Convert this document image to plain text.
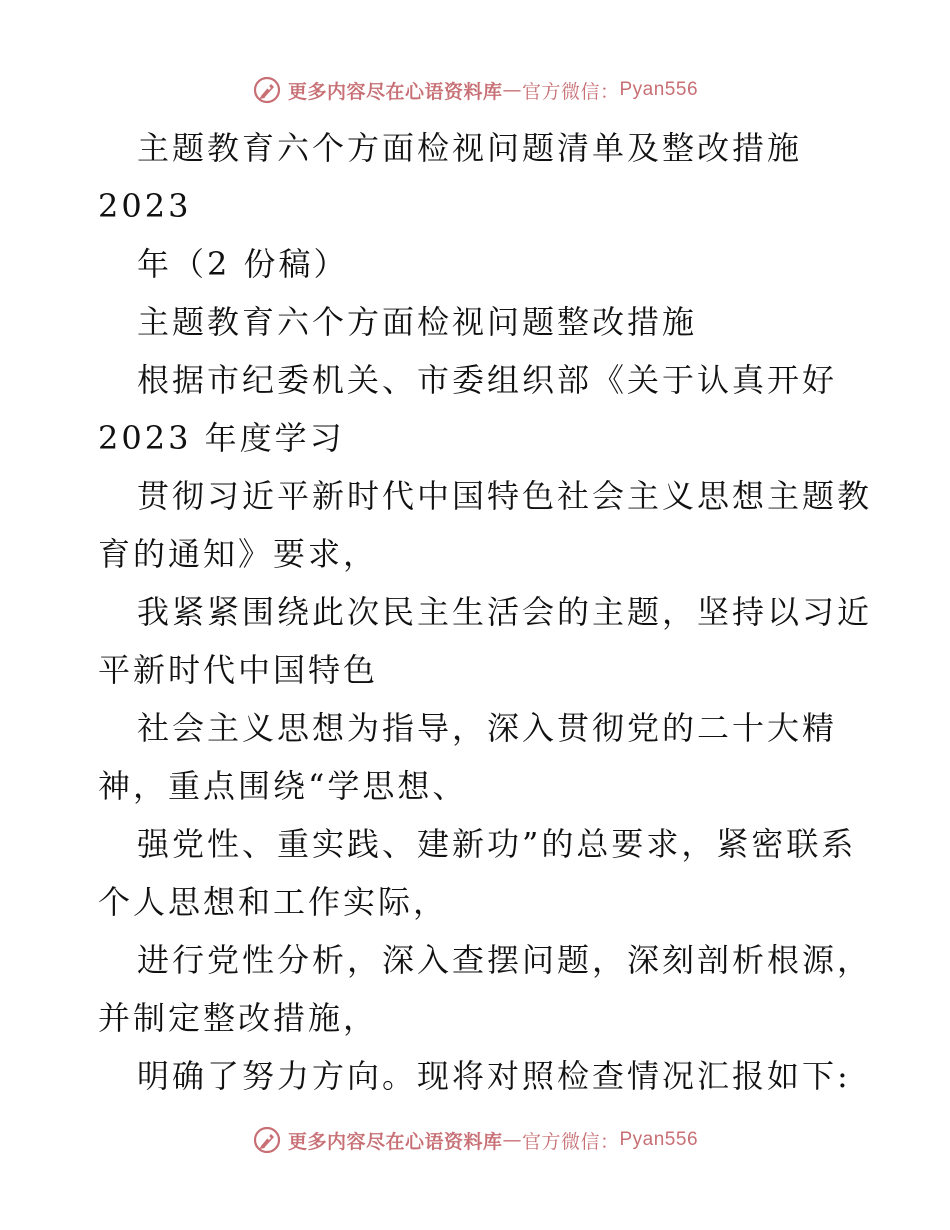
更多内容尽在心语资料库 — 官方微信： Pyan556
主题教育六个方面检视问题清单及整改措施
2023
年（2 份稿）
主题教育六个方面检视问题整改措施
根据市纪委机关、市委组织部《关于认真开好
2023 年度学习
贯彻习近平新时代中国特色社会主义思想主题教
育的通知》要求，
我紧紧围绕此次民主生活会的主题，坚持以习近
平新时代中国特色
社会主义思想为指导，深入贯彻党的二十大精
神，重点围绕“学思想、
强党性、重实践、建新功”的总要求，紧密联系
个人思想和工作实际，
进行党性分析，深入查摆问题，深刻剖析根源，
并制定整改措施，
明确了努力方向。现将对照检查情况汇报如下:
更多内容尽在心语资料库 — 官方微信： Pyan556
